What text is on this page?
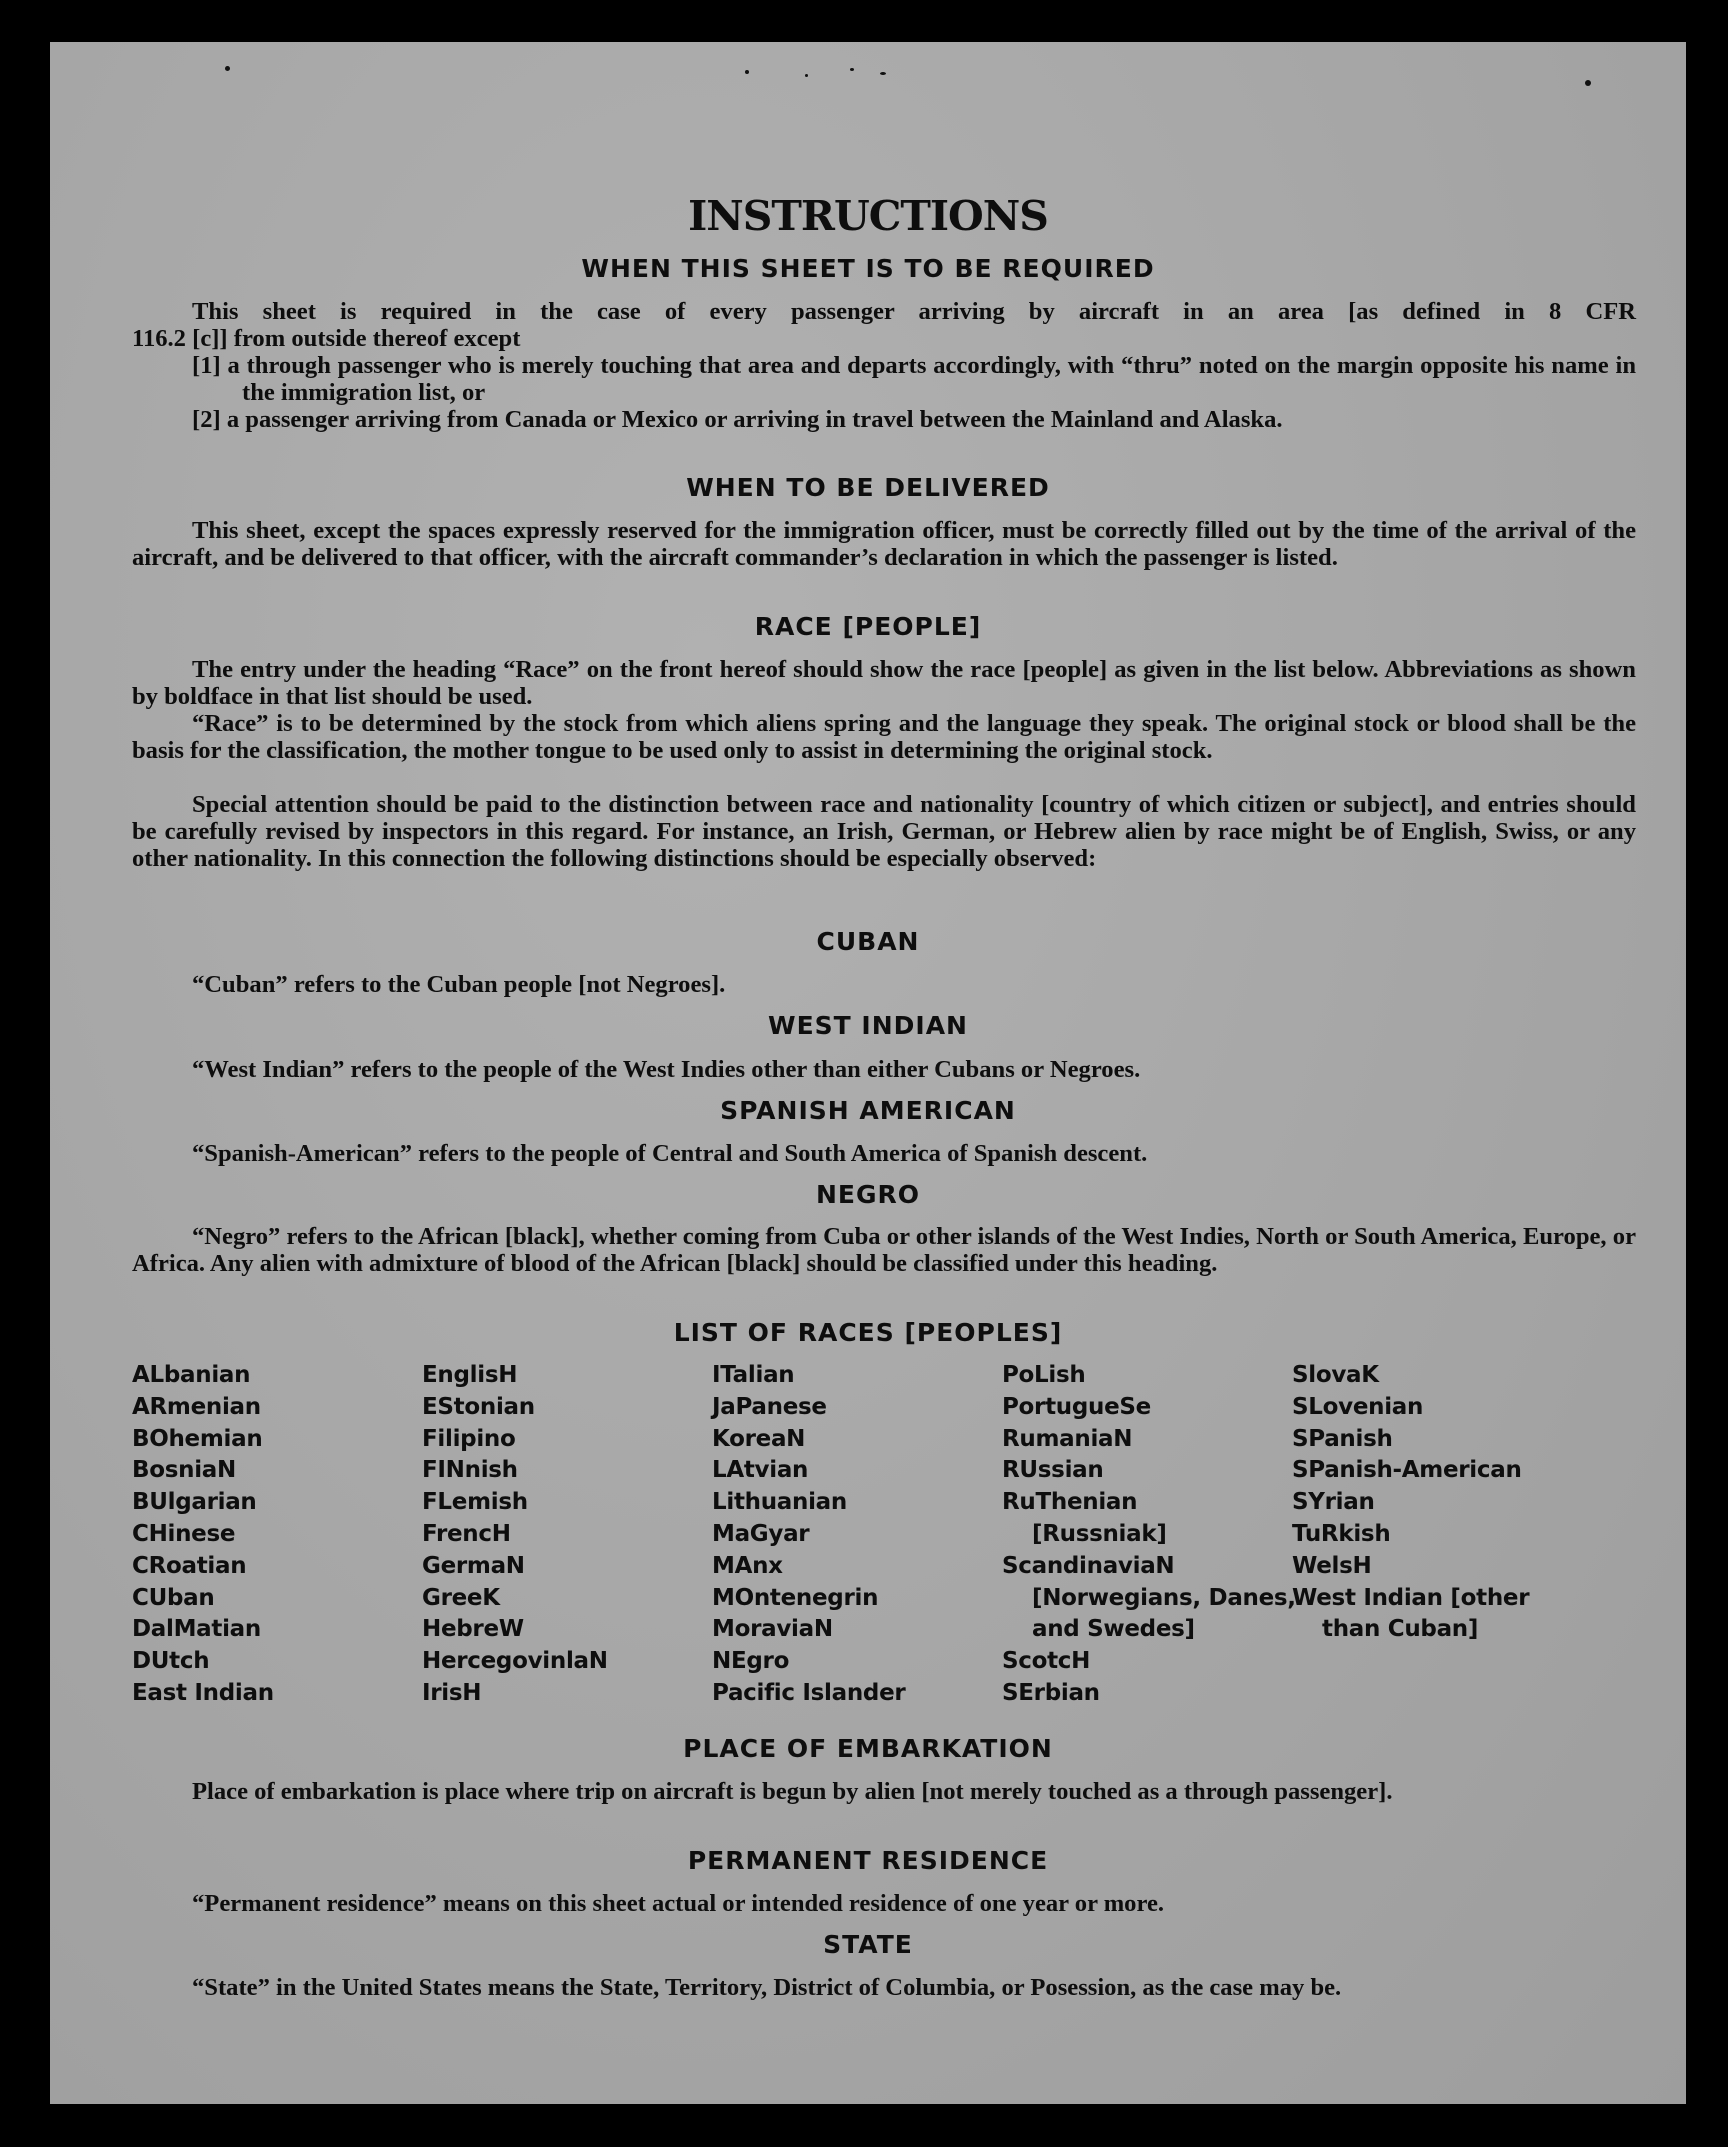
INSTRUCTIONS
WHEN THIS SHEET IS TO BE REQUIRED

This sheet is required in the case of every passenger arriving by aircraft in an area [as defined in 8 CFR
116.2 [c]] from outside thereof except

[1] a through passenger who is merely touching that area and departs accordingly, with “thru” noted on the margin opposite his name in the immigration list, or
[2] a passenger arriving from Canada or Mexico or arriving in travel between the Mainland and Alaska.
WHEN TO BE DELIVERED

This sheet, except the spaces expressly reserved for the immigration officer, must be correctly filled out by the time of the arrival of the aircraft, and be delivered to that officer, with the aircraft commander’s declaration in which the passenger is listed.

RACE [PEOPLE]

The entry under the heading “Race” on the front hereof should show the race [people] as given in the list below. Abbreviations as shown by boldface in that list should be used.

“Race” is to be determined by the stock from which aliens spring and the language they speak. The original stock or blood shall be the basis for the classification, the mother tongue to be used only to assist in determining the original stock.

Special attention should be paid to the distinction between race and nationality [country of which citizen or subject], and entries should be carefully revised by inspectors in this regard. For instance, an Irish, German, or Hebrew alien by race might be of English, Swiss, or any other nationality. In this connection the following distinctions should be especially observed:

CUBAN

“Cuban” refers to the Cuban people [not Negroes].

WEST INDIAN

“West Indian” refers to the people of the West Indies other than either Cubans or Negroes.

SPANISH AMERICAN

“Spanish-American” refers to the people of Central and South America of Spanish descent.

NEGRO

“Negro” refers to the African [black], whether coming from Cuba or other islands of the West Indies, North or South America, Europe, or Africa. Any alien with admixture of blood of the African [black] should be classified under this heading.

LIST OF RACES [PEOPLES]
ALbanian
ARmenian
BOhemian
BosniaN
BUlgarian
CHinese
CRoatian
CUban
DalMatian
DUtch
East Indian
EnglisH
EStonian
Filipino
FINnish
FLemish
FrencH
GermaN
GreeK
HebreW
HercegovinlaN
IrisH
ITalian
JaPanese
KoreaN
LAtvian
Lithuanian
MaGyar
MAnx
MOntenegrin
MoraviaN
NEgro
Pacific Islander
PoLish
PortugueSe
RumaniaN
RUssian
RuThenian [Russniak]
ScandinaviaN [Norwegians, Danes, and Swedes]
ScotcH
SErbian
SlovaK
SLovenian
SPanish
SPanish-American
SYrian
TuRkish
WelsH
West Indian [other than Cuban]
PLACE OF EMBARKATION

Place of embarkation is place where trip on aircraft is begun by alien [not merely touched as a through passenger].

PERMANENT RESIDENCE

“Permanent residence” means on this sheet actual or intended residence of one year or more.

STATE

“State” in the United States means the State, Territory, District of Columbia, or Posession, as the case may be.
